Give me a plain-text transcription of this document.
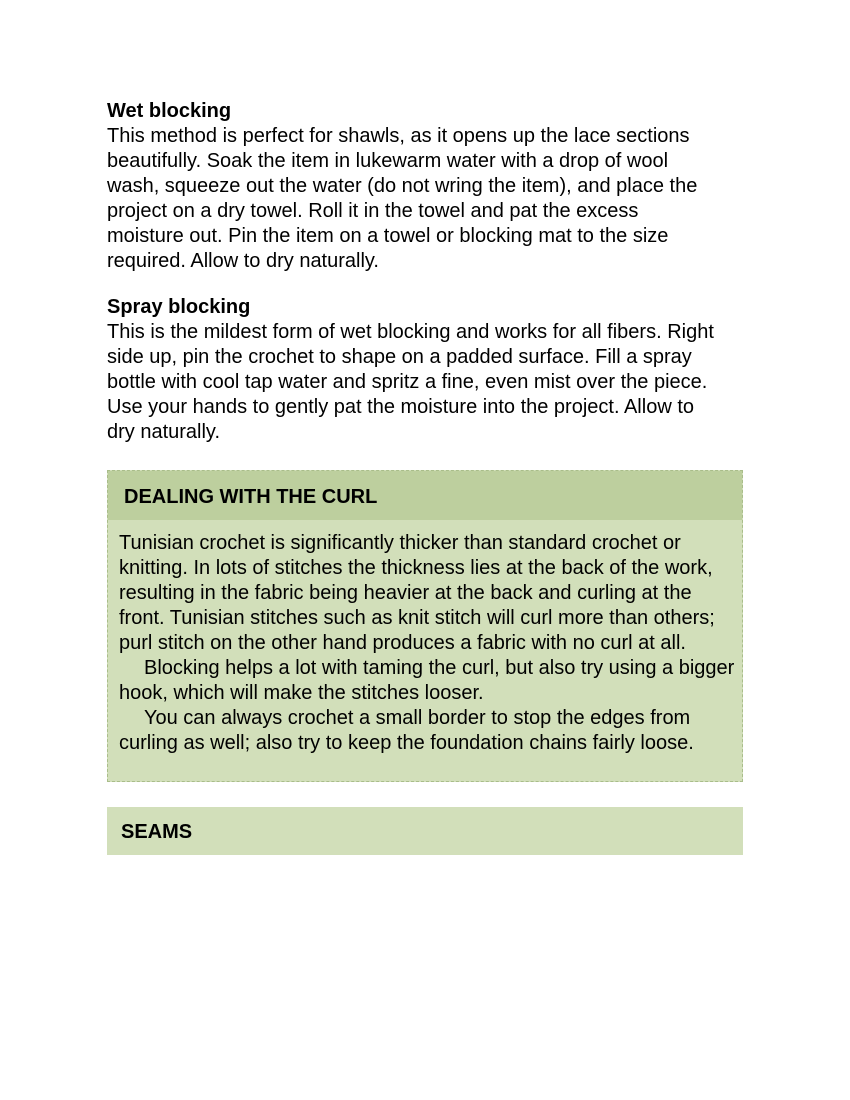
Wet blocking

This method is perfect for shawls, as it opens up the lace sections
beautifully. Soak the item in lukewarm water with a drop of wool
wash, squeeze out the water (do not wring the item), and place the
project on a dry towel. Roll it in the towel and pat the excess
moisture out. Pin the item on a towel or blocking mat to the size
required. Allow to dry naturally.

Spray blocking

This is the mildest form of wet blocking and works for all fibers. Right
side up, pin the crochet to shape on a padded surface. Fill a spray
bottle with cool tap water and spritz a fine, even mist over the piece.
Use your hands to gently pat the moisture into the project. Allow to
dry naturally.

DEALING WITH THE CURL

Tunisian crochet is significantly thicker than standard crochet or knitting. In lots of stitches the thickness lies at the back of the work, resulting in the fabric being heavier at the back and curling at the front. Tunisian stitches such as knit stitch will curl more than others; purl stitch on the other hand produces a fabric with no curl at all.

Blocking helps a lot with taming the curl, but also try using a bigger hook, which will make the stitches looser.

You can always crochet a small border to stop the edges from curling as well; also try to keep the foundation chains fairly loose.

SEAMS
